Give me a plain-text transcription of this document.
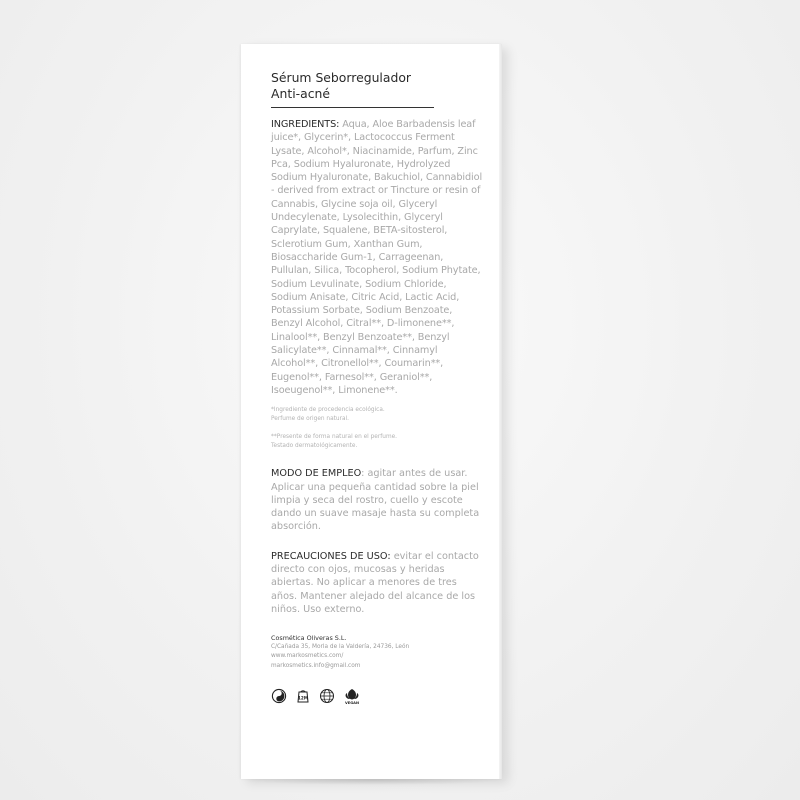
Sérum Seborregulador
Anti-acné

INGREDIENTS: Aqua, Aloe Barbadensis leaf juice*, Glycerin*, Lactococcus Ferment Lysate, Alcohol*, Niacinamide, Parfum, Zinc Pca, Sodium Hyaluronate, Hydrolyzed Sodium Hyaluronate, Bakuchiol, Cannabidiol - derived from extract or Tincture or resin of Cannabis, Glycine soja oil, Glyceryl Undecylenate, Lysolecithin, Glyceryl Caprylate, Squalene, BETA-sitosterol, Sclerotium Gum, Xanthan Gum, Biosaccharide Gum-1, Carrageenan, Pullulan, Silica, Tocopherol, Sodium Phytate, Sodium Levulinate, Sodium Chloride, Sodium Anisate, Citric Acid, Lactic Acid, Potassium Sorbate, Sodium Benzoate, Benzyl Alcohol, Citral**, D-limonene**, Linalool**, Benzyl Benzoate**, Benzyl Salicylate**, Cinnamal**, Cinnamyl Alcohol**, Citronellol**, Coumarin**, Eugenol**, Farnesol**, Geraniol**, Isoeugenol**, Limonene**.

*Ingrediente de procedencia ecológica.
Perfume de origen natural.

**Presente de forma natural en el perfume.
Testado dermatológicamente.

MODO DE EMPLEO: agitar antes de usar. Aplicar una pequeña cantidad sobre la piel limpia y seca del rostro, cuello y escote dando un suave masaje hasta su completa absorción.

PRECAUCIONES DE USO: evitar el contacto directo con ojos, mucosas y heridas abiertas. No aplicar a menores de tres años. Mantener alejado del alcance de los niños. Uso externo.

Cosmética Oliveras S.L.

C/Cañada 35, Morla de la Valdería, 24736, León

www.markosmetics.com/

markosmetics.info@gmail.com

12M
VEGAN
